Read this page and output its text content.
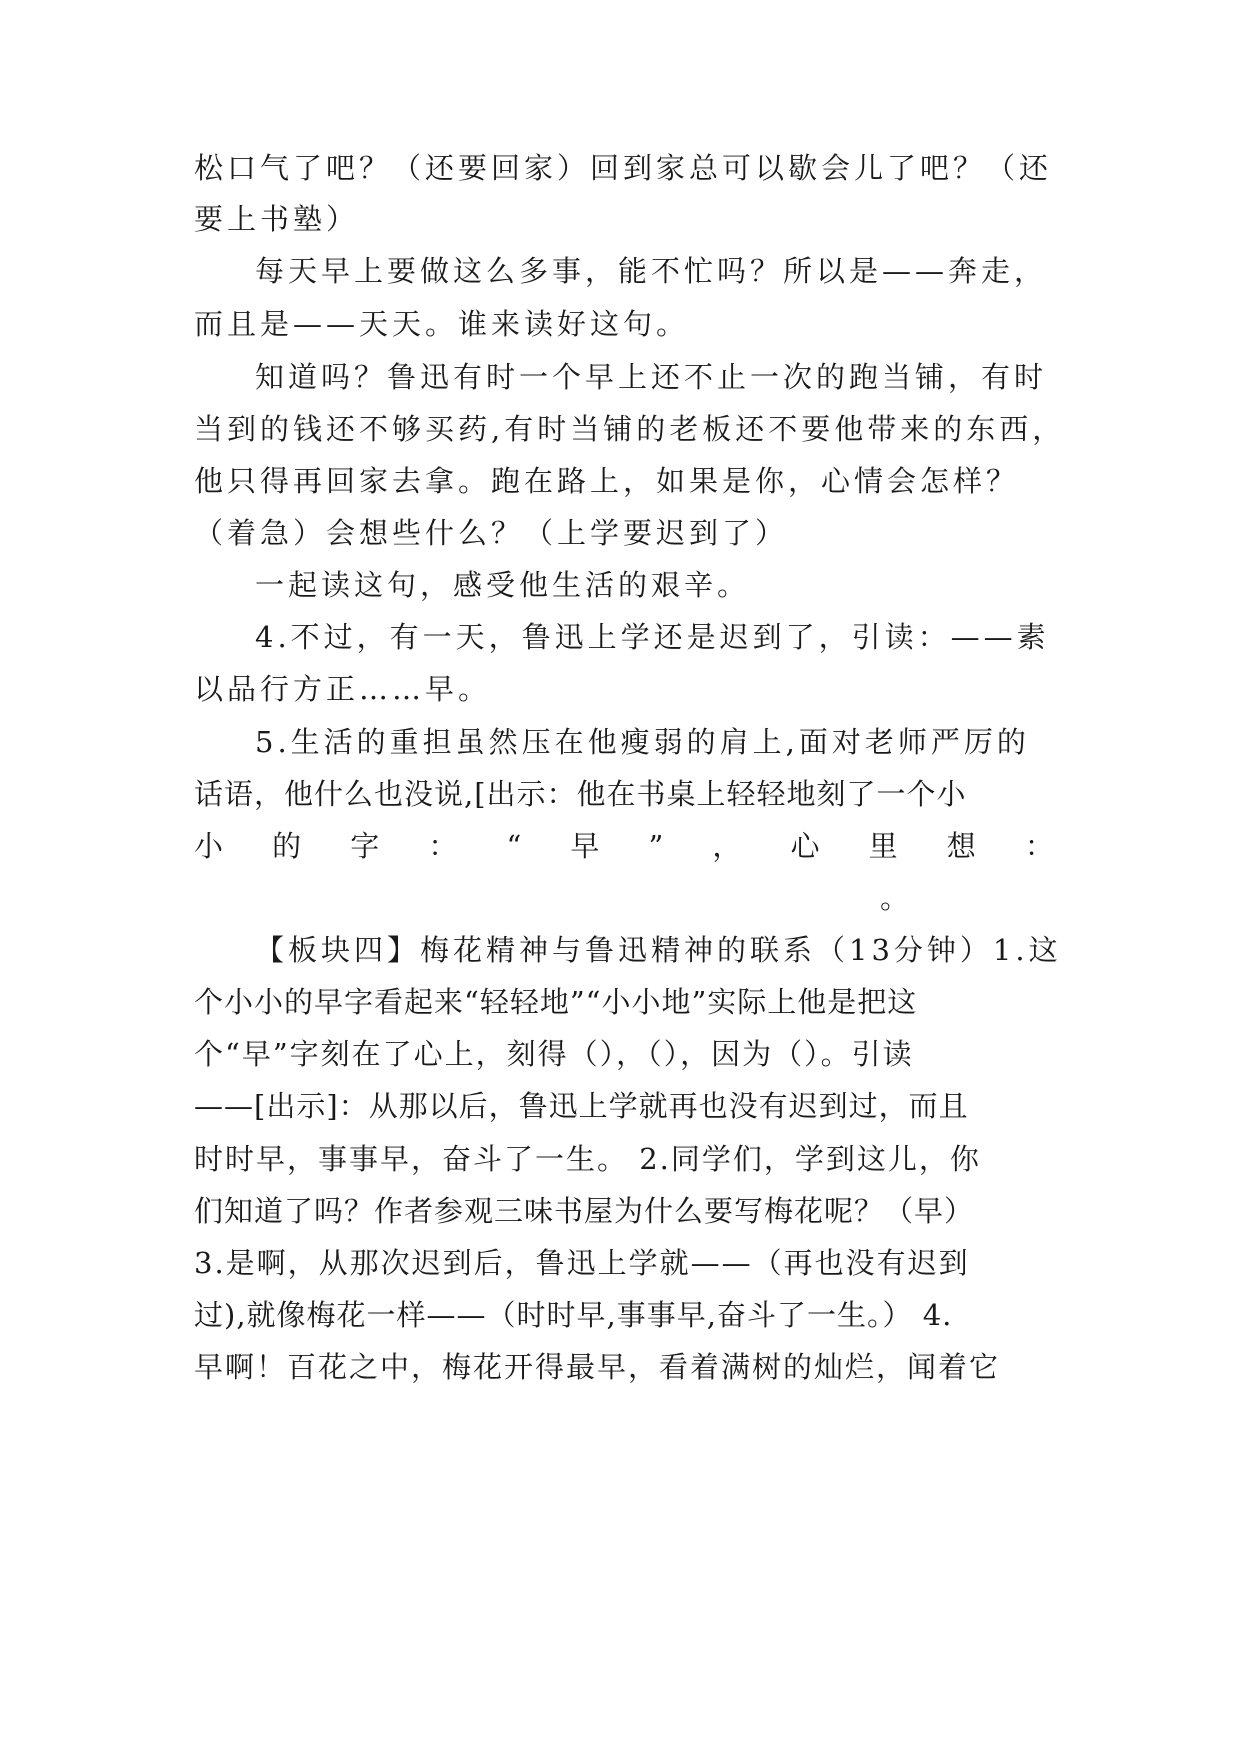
松口气了吧？（还要回家）回到家总可以歇会儿了吧？（还
要上书塾）
每天早上要做这么多事，能不忙吗？所以是——奔走，
而且是——天天。谁来读好这句。
知道吗？鲁迅有时一个早上还不止一次的跑当铺，有时
当到的钱还不够买药,有时当铺的老板还不要他带来的东西，
他只得再回家去拿。跑在路上，如果是你，心情会怎样？
（着急）会想些什么？（上学要迟到了）
一起读这句，感受他生活的艰辛。
4.不过，有一天，鲁迅上学还是迟到了，引读：——素
以品行方正……早。
5.生活的重担虽然压在他瘦弱的肩上,面对老师严厉的
话语，他什么也没说,[出示：他在书桌上轻轻地刻了一个小
小 的 字 ： “ 早 ” ， 心 里 想 ：
。
【板块四】梅花精神与鲁迅精神的联系（13分钟）1.这
个小小的早字看起来“轻轻地”“小小地”实际上他是把这
个“早”字刻在了心上，刻得（），（），因为（）。引读
——[出示]：从那以后，鲁迅上学就再也没有迟到过，而且
时时早，事事早，奋斗了一生。 2.同学们，学到这儿，你
们知道了吗？作者参观三味书屋为什么要写梅花呢？（早）
3.是啊，从那次迟到后，鲁迅上学就——（再也没有迟到
过),就像梅花一样——（时时早,事事早,奋斗了一生。） 4.
早啊！百花之中，梅花开得最早，看着满树的灿烂，闻着它
